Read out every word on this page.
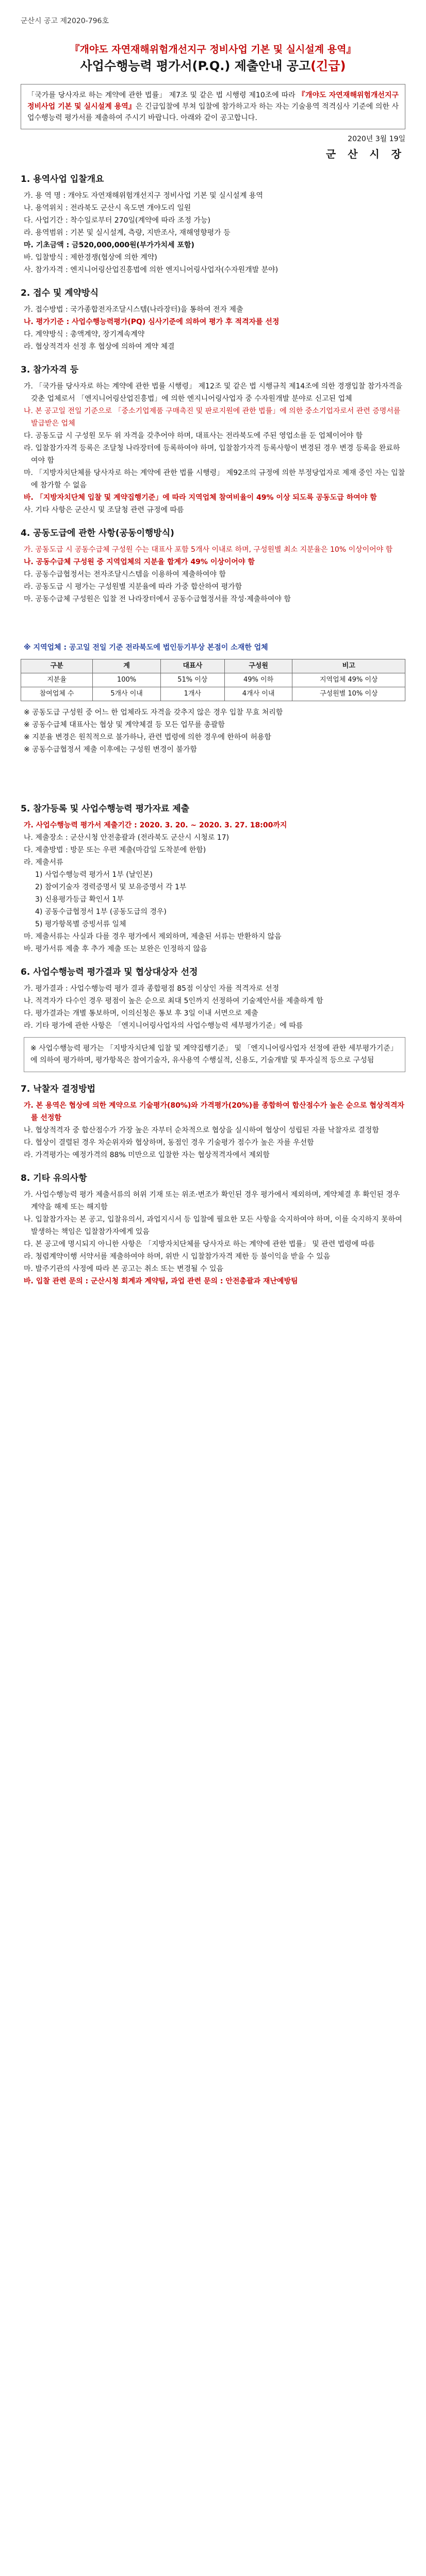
군산시 공고 제2020-796호
『개야도 자연재해위험개선지구 정비사업 기본 및 실시설계 용역』
사업수행능력 평가서(P.Q.) 제출안내 공고(긴급)
「국가를 당사자로 하는 계약에 관한 법률」 제7조 및 같은 법 시행령 제10조에 따라 『개야도 자연재해위험개선지구 정비사업 기본 및 실시설계 용역』은 긴급입찰에 부쳐 입찰에 참가하고자 하는 자는 기술용역 적격심사 기준에 의한 사업수행능력 평가서를 제출하여 주시기 바랍니다. 아래와 같이 공고합니다.
2020년 3월 19일
군 산 시 장
1. 용역사업 입찰개요
가. 용 역 명 : 개야도 자연재해위험개선지구 정비사업 기본 및 실시설계 용역
나. 용역위치 : 전라북도 군산시 옥도면 개야도리 일원
다. 사업기간 : 착수일로부터 270일(계약에 따라 조정 가능)
라. 용역범위 : 기본 및 실시설계, 측량, 지반조사, 재해영향평가 등
마. 기초금액 : 금520,000,000원(부가가치세 포함)
바. 입찰방식 : 제한경쟁(협상에 의한 계약)
사. 참가자격 : 엔지니어링산업진흥법에 의한 엔지니어링사업자(수자원개발 분야)
2. 접수 및 계약방식
가. 접수방법 : 국가종합전자조달시스템(나라장터)을 통하여 전자 제출
나. 평가기준 : 사업수행능력평가(PQ) 심사기준에 의하여 평가 후 적격자를 선정
다. 계약방식 : 총액계약, 장기계속계약
라. 협상적격자 선정 후 협상에 의하여 계약 체결
3. 참가자격 등
가. 「국가를 당사자로 하는 계약에 관한 법률 시행령」 제12조 및 같은 법 시행규칙 제14조에 의한 경쟁입찰 참가자격을 갖춘 업체로서 「엔지니어링산업진흥법」에 의한 엔지니어링사업자 중 수자원개발 분야로 신고된 업체
나. 본 공고일 전일 기준으로 「중소기업제품 구매촉진 및 판로지원에 관한 법률」에 의한 중소기업자로서 관련 증명서를 발급받은 업체
다. 공동도급 시 구성원 모두 위 자격을 갖추어야 하며, 대표사는 전라북도에 주된 영업소를 둔 업체이어야 함
라. 입찰참가자격 등록은 조달청 나라장터에 등록하여야 하며, 입찰참가자격 등록사항이 변경된 경우 변경 등록을 완료하여야 함
마. 「지방자치단체를 당사자로 하는 계약에 관한 법률 시행령」 제92조의 규정에 의한 부정당업자로 제재 중인 자는 입찰에 참가할 수 없음
바. 「지방자치단체 입찰 및 계약집행기준」에 따라 지역업체 참여비율이 49% 이상 되도록 공동도급 하여야 함
사. 기타 사항은 군산시 및 조달청 관련 규정에 따름
4. 공동도급에 관한 사항(공동이행방식)
가. 공동도급 시 공동수급체 구성원 수는 대표사 포함 5개사 이내로 하며, 구성원별 최소 지분율은 10% 이상이어야 함
나. 공동수급체 구성원 중 지역업체의 지분율 합계가 49% 이상이어야 함
다. 공동수급협정서는 전자조달시스템을 이용하여 제출하여야 함
라. 공동도급 시 평가는 구성원별 지분율에 따라 가중 합산하여 평가함
마. 공동수급체 구성원은 입찰 전 나라장터에서 공동수급협정서를 작성·제출하여야 함
※ 지역업체 : 공고일 전일 기준 전라북도에 법인등기부상 본점이 소재한 업체
구분	계	대표사	구성원	비고
지분율	100%	51% 이상	49% 이하	지역업체 49% 이상
참여업체 수	5개사 이내	1개사	4개사 이내	구성원별 10% 이상
※ 공동도급 구성원 중 어느 한 업체라도 자격을 갖추지 않은 경우 입찰 무효 처리함
※ 공동수급체 대표사는 협상 및 계약체결 등 모든 업무를 총괄함
※ 지분율 변경은 원칙적으로 불가하나, 관련 법령에 의한 경우에 한하여 허용함
※ 공동수급협정서 제출 이후에는 구성원 변경이 불가함
5. 참가등록 및 사업수행능력 평가자료 제출
가. 사업수행능력 평가서 제출기간 : 2020. 3. 20. ~ 2020. 3. 27. 18:00까지
나. 제출장소 : 군산시청 안전총괄과 (전라북도 군산시 시청로 17)
다. 제출방법 : 방문 또는 우편 제출(마감일 도착분에 한함)
라. 제출서류
1) 사업수행능력 평가서 1부 (날인본)
2) 참여기술자 경력증명서 및 보유증명서 각 1부
3) 신용평가등급 확인서 1부
4) 공동수급협정서 1부 (공동도급의 경우)
5) 평가항목별 증빙서류 일체
마. 제출서류는 사실과 다를 경우 평가에서 제외하며, 제출된 서류는 반환하지 않음
바. 평가서류 제출 후 추가 제출 또는 보완은 인정하지 않음
6. 사업수행능력 평가결과 및 협상대상자 선정
가. 평가결과 : 사업수행능력 평가 결과 종합평점 85점 이상인 자를 적격자로 선정
나. 적격자가 다수인 경우 평점이 높은 순으로 최대 5인까지 선정하여 기술제안서를 제출하게 함
다. 평가결과는 개별 통보하며, 이의신청은 통보 후 3일 이내 서면으로 제출
라. 기타 평가에 관한 사항은 「엔지니어링사업자의 사업수행능력 세부평가기준」에 따름
※ 사업수행능력 평가는 「지방자치단체 입찰 및 계약집행기준」 및 「엔지니어링사업자 선정에 관한 세부평가기준」에 의하여 평가하며, 평가항목은 참여기술자, 유사용역 수행실적, 신용도, 기술개발 및 투자실적 등으로 구성됨
7. 낙찰자 결정방법
가. 본 용역은 협상에 의한 계약으로 기술평가(80%)와 가격평가(20%)를 종합하여 합산점수가 높은 순으로 협상적격자를 선정함
나. 협상적격자 중 합산점수가 가장 높은 자부터 순차적으로 협상을 실시하여 협상이 성립된 자를 낙찰자로 결정함
다. 협상이 결렬된 경우 차순위자와 협상하며, 동점인 경우 기술평가 점수가 높은 자를 우선함
라. 가격평가는 예정가격의 88% 미만으로 입찰한 자는 협상적격자에서 제외함
8. 기타 유의사항
가. 사업수행능력 평가 제출서류의 허위 기재 또는 위조·변조가 확인된 경우 평가에서 제외하며, 계약체결 후 확인된 경우 계약을 해제 또는 해지함
나. 입찰참가자는 본 공고, 입찰유의서, 과업지시서 등 입찰에 필요한 모든 사항을 숙지하여야 하며, 이를 숙지하지 못하여 발생하는 책임은 입찰참가자에게 있음
다. 본 공고에 명시되지 아니한 사항은 「지방자치단체를 당사자로 하는 계약에 관한 법률」 및 관련 법령에 따름
라. 청렴계약이행 서약서를 제출하여야 하며, 위반 시 입찰참가자격 제한 등 불이익을 받을 수 있음
마. 발주기관의 사정에 따라 본 공고는 취소 또는 변경될 수 있음
바. 입찰 관련 문의 : 군산시청 회계과 계약팀, 과업 관련 문의 : 안전총괄과 재난예방팀
